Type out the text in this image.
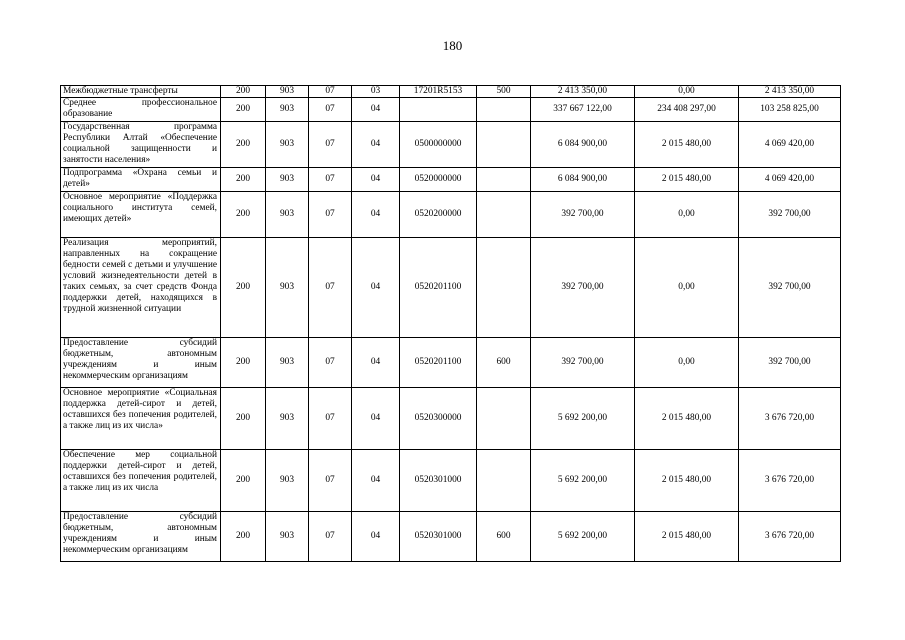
180
Межбюджетные трансферты	200	903	07	03	17201R5153	500	2 413 350,00	0,00	2 413 350,00
Среднее профессиональное образование	200	903	07	04			337 667 122,00	234 408 297,00	103 258 825,00
Государственная программа Республики Алтай «Обеспечение социальной защищенности и занятости населения»	200	903	07	04	0500000000		6 084 900,00	2 015 480,00	4 069 420,00
Подпрограмма «Охрана семьи и детей»	200	903	07	04	0520000000		6 084 900,00	2 015 480,00	4 069 420,00
Основное мероприятие «Поддержка социального института семей, имеющих детей»	200	903	07	04	0520200000		392 700,00	0,00	392 700,00
Реализация мероприятий, направленных на сокращение бедности семей с детьми и улучшение условий жизнедеятельности детей в таких семьях, за счет средств Фонда поддержки детей, находящихся в трудной жизненной ситуации	200	903	07	04	0520201100		392 700,00	0,00	392 700,00
Предоставление субсидий бюджетным, автономным учреждениям и иным некоммерческим организациям	200	903	07	04	0520201100	600	392 700,00	0,00	392 700,00
Основное мероприятие «Социальная поддержка детей-сирот и детей, оставшихся без попечения родителей, а также лиц из их числа»	200	903	07	04	0520300000		5 692 200,00	2 015 480,00	3 676 720,00
Обеспечение мер социальной поддержки детей-сирот и детей, оставшихся без попечения родителей, а также лиц из их числа	200	903	07	04	0520301000		5 692 200,00	2 015 480,00	3 676 720,00
Предоставление субсидий бюджетным, автономным учреждениям и иным некоммерческим организациям	200	903	07	04	0520301000	600	5 692 200,00	2 015 480,00	3 676 720,00
